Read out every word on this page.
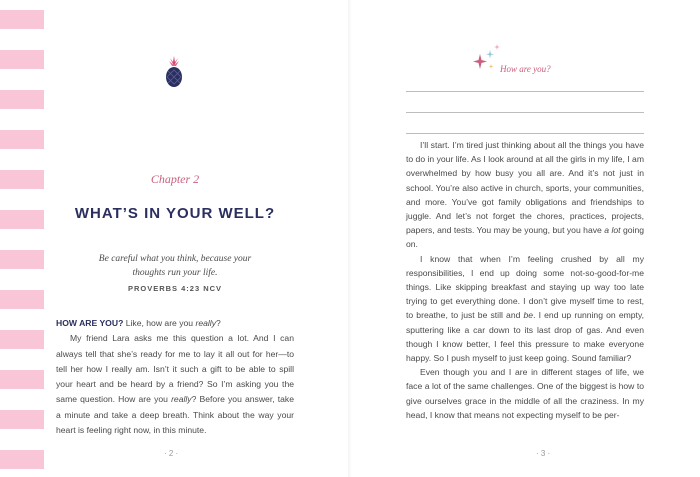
Chapter 2
WHAT’S IN YOUR WELL?
Be careful what you think, because your
thoughts run your life.
PROVERBS 4:23 NCV

HOW ARE YOU? Like, how are you really?

My friend Lara asks me this question a lot. And I can always tell that she’s ready for me to lay it all out for her—to tell her how I really am. Isn’t it such a gift to be able to spill your heart and be heard by a friend? So I’m asking you the same question. How are you really? Before you answer, take a minute and take a deep breath. Think about the way your heart is feeling right now, in this minute.

· 2 ·
How are you?

I’ll start. I’m tired just thinking about all the things you have to do in your life. As I look around at all the girls in my life, I am overwhelmed by how busy you all are. And it’s not just in school. You’re also active in church, sports, your communities, and more. You’ve got family obligations and friendships to juggle. And let’s not forget the chores, practices, projects, papers, and tests. You may be young, but you have a lot going on.

I know that when I’m feeling crushed by all my responsibilities, I end up doing some not-so-good-for-me things. Like skipping breakfast and staying up way too late trying to get everything done. I don’t give myself time to rest, to breathe, to just be still and be. I end up running on empty, sputtering like a car down to its last drop of gas. And even though I know better, I feel this pressure to make everyone happy. So I push myself to just keep going. Sound familiar?

Even though you and I are in different stages of life, we face a lot of the same challenges. One of the biggest is how to give ourselves grace in the middle of all the craziness. In my head, I know that means not expecting myself to be per-

· 3 ·
